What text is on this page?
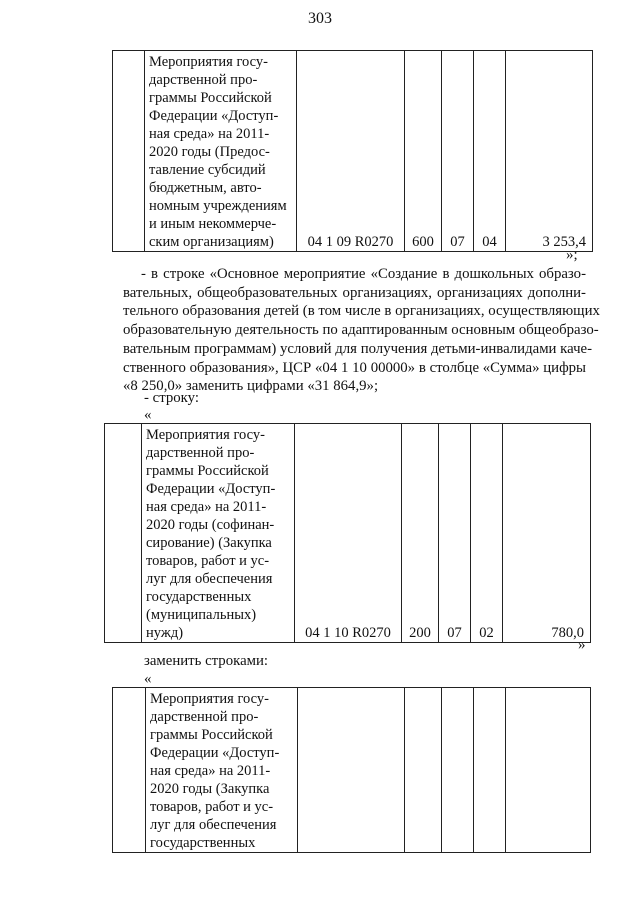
303

Мероприятия госу-
дарственной про-
граммы Российской
Федерации «Доступ-
ная среда» на 2011-
2020 годы (Предос-
тавление субсидий
бюджетным, авто-
номным учреждениям
и иным некоммерче-
ским организациям)	04 1 09 R0270	600	07	04	3 253,4
»;
- в строке «Основное мероприятие «Создание в дошкольных образо-
вательных, общеобразовательных организациях, организациях дополни-
тельного образования детей (в том числе в организациях, осуществляющих
образовательную деятельность по адаптированным основным общеобразо-
вательным программам) условий для получения детьми-инвалидами каче-
ственного образования», ЦСР «04 1 10 00000» в столбце «Сумма» цифры
«8 250,0» заменить цифрами «31 864,9»;
- строку:
«

Мероприятия госу-
дарственной про-
граммы Российской
Федерации «Доступ-
ная среда» на 2011-
2020 годы (софинан-
сирование) (Закупка
товаров, работ и ус-
луг для обеспечения
государственных
(муниципальных)
нужд)	04 1 10 R0270	200	07	02	780,0
»
заменить строками:
«

Мероприятия госу-
дарственной про-
граммы Российской
Федерации «Доступ-
ная среда» на 2011-
2020 годы (Закупка
товаров, работ и ус-
луг для обеспечения
государственных
